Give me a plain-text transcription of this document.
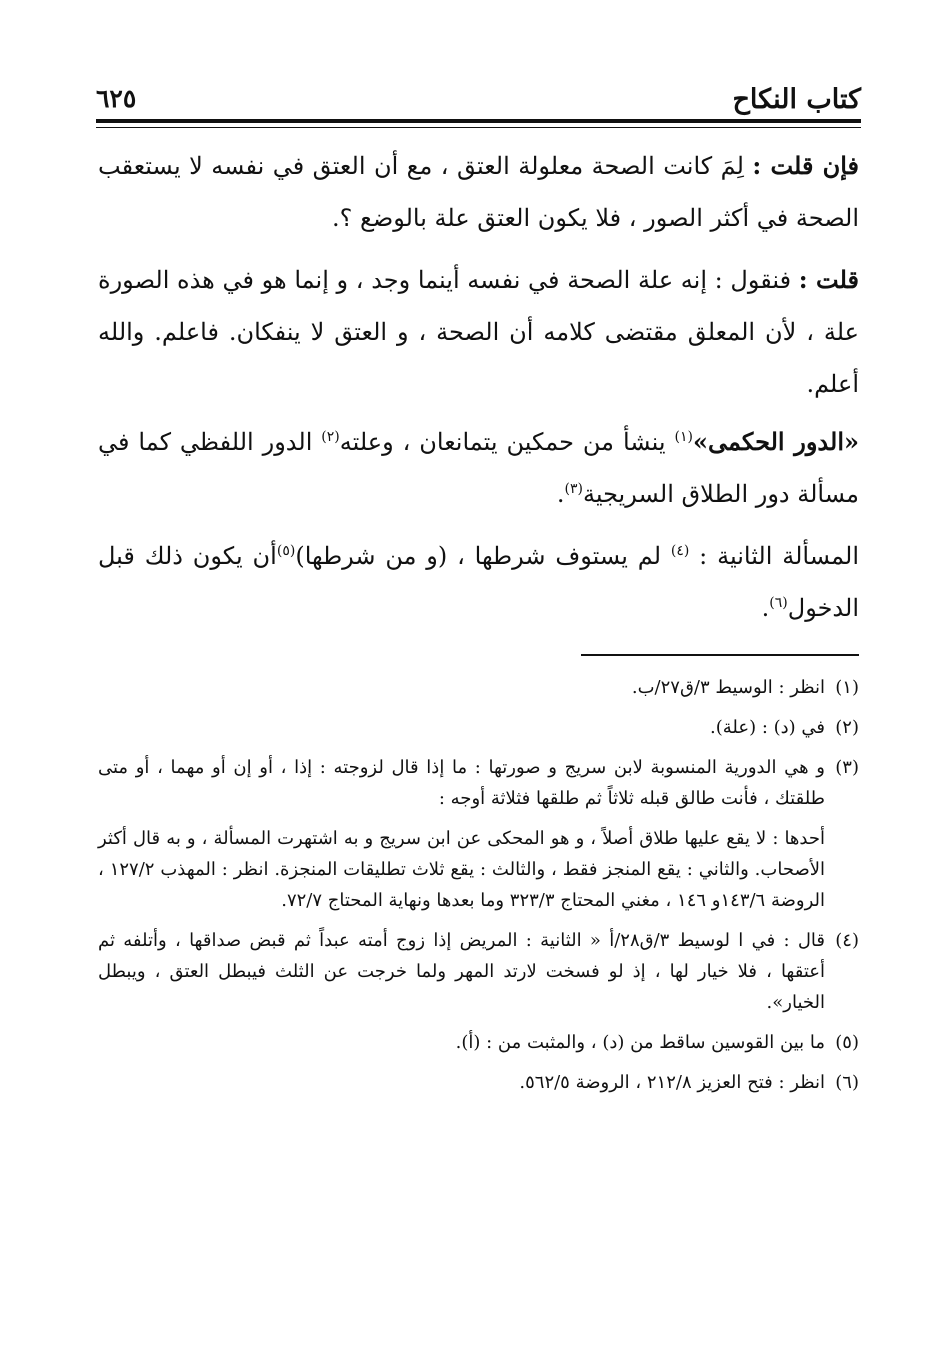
كتاب النكاح
٦٢٥

فإن قلت : لِمَ كانت الصحة معلولة العتق ، مع أن العتق في نفسه لا يستعقب الصحة في أكثر الصور ، فلا يكون العتق علة بالوضع ؟.

قلت : فنقول : إنه علة الصحة في نفسه أينما وجد ، و إنما هو في هذه الصورة علة ، لأن المعلق مقتضى كلامه أن الصحة ، و العتق لا ينفكان. فاعلم. والله أعلم.

«الدور الحكمى»$^{(١)}$ ينشأ من حمكين يتمانعان ، وعلته$^{(٢)}$ الدور اللفظي كما في مسألة دور الطلاق السريجية$^{(٣)}$.

المسألة الثانية : $^{(٤)}$ لم يستوف شرطها ، (و من شرطها)$^{(٥)}$أن يكون ذلك قبل الدخول$^{(٦)}$.

(١)انظر : الوسيط ٣/ق٢٧/ب.
(٢)في (د) : (علة).
(٣)و هي الدورية المنسوبة لابن سريج و صورتها : ما إذا قال لزوجته : إذا ، أو إن أو مهما ، أو متى طلقتك ، فأنت طالق قبله ثلاثاً ثم طلقها فثلاثة أوجه :
أحدها : لا يقع عليها طلاق أصلاً ، و هو المحكى عن ابن سريج و به اشتهرت المسألة ، و به قال أكثر الأصحاب. والثاني : يقع المنجز فقط ، والثالث : يقع ثلاث تطليقات المنجزة. انظر : المهذب ١٢٧/٢ ، الروضة ١٤٣/٦و ١٤٦ ، مغني المحتاج ٣٢٣/٣ وما بعدها ونهاية المحتاج ٧٢/٧.
(٤)قال : في ا لوسيط ٣/ق٢٨/أ « الثانية : المريض إذا زوج أمته عبداً ثم قبض صداقها ، وأتلفه ثم أعتقها ، فلا خيار لها ، إذ لو فسخت لارتد المهر ولما خرجت عن الثلث فيبطل العتق ، ويبطل الخيار».
(٥)ما بين القوسين ساقط من (د) ، والمثبت من : (أ).
(٦)انظر : فتح العزيز ٢١٢/٨ ، الروضة ٥٦٢/٥.
